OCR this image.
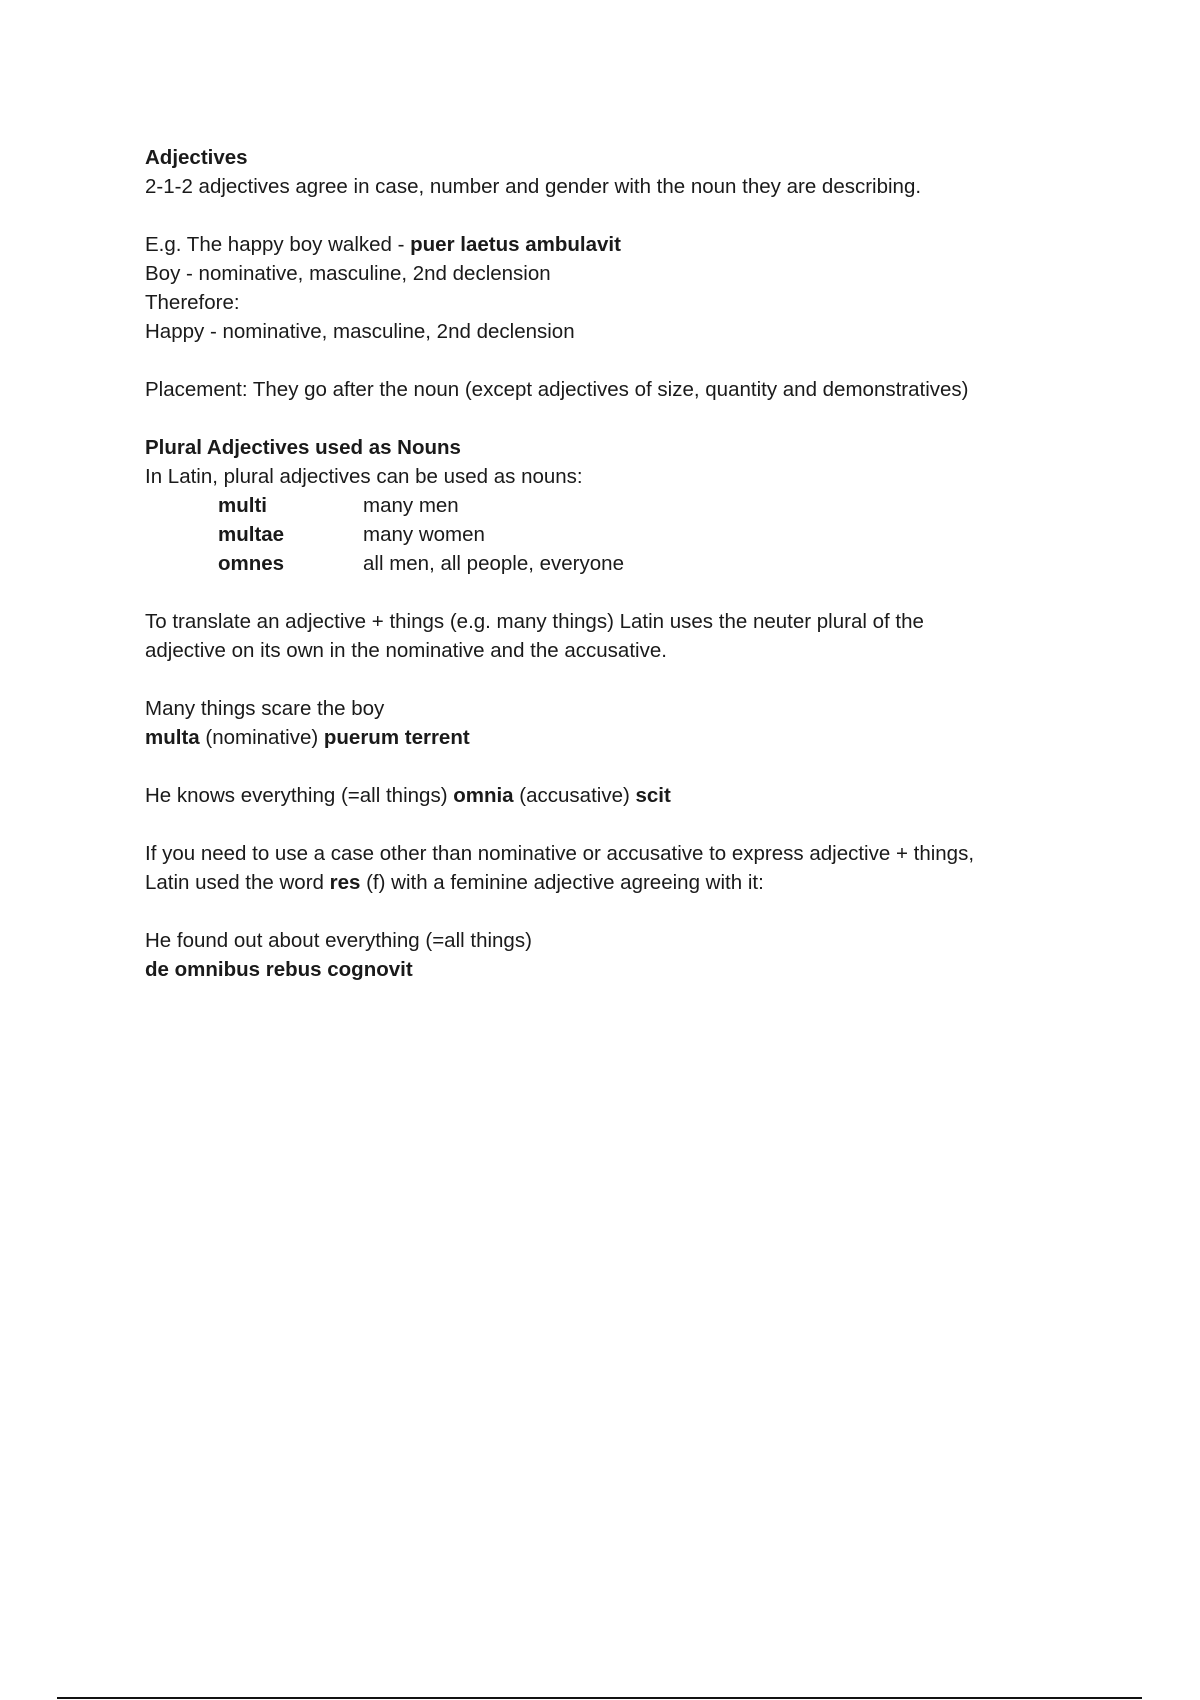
Adjectives
2-1-2 adjectives agree in case, number and gender with the noun they are describing.
E.g. The happy boy walked - puer laetus ambulavit
Boy - nominative, masculine, 2nd declension
Therefore:
Happy - nominative, masculine, 2nd declension
Placement: They go after the noun (except adjectives of size, quantity and demonstratives)
Plural Adjectives used as Nouns
In Latin, plural adjectives can be used as nouns:
multi	many men
multae	many women
omnes	all men, all people, everyone
To translate an adjective + things (e.g. many things) Latin uses the neuter plural of the
adjective on its own in the nominative and the accusative.
Many things scare the boy
multa (nominative) puerum terrent
He knows everything (=all things) omnia (accusative) scit
If you need to use a case other than nominative or accusative to express adjective + things,
Latin used the word res (f) with a feminine adjective agreeing with it:
He found out about everything (=all things)
de omnibus rebus cognovit
